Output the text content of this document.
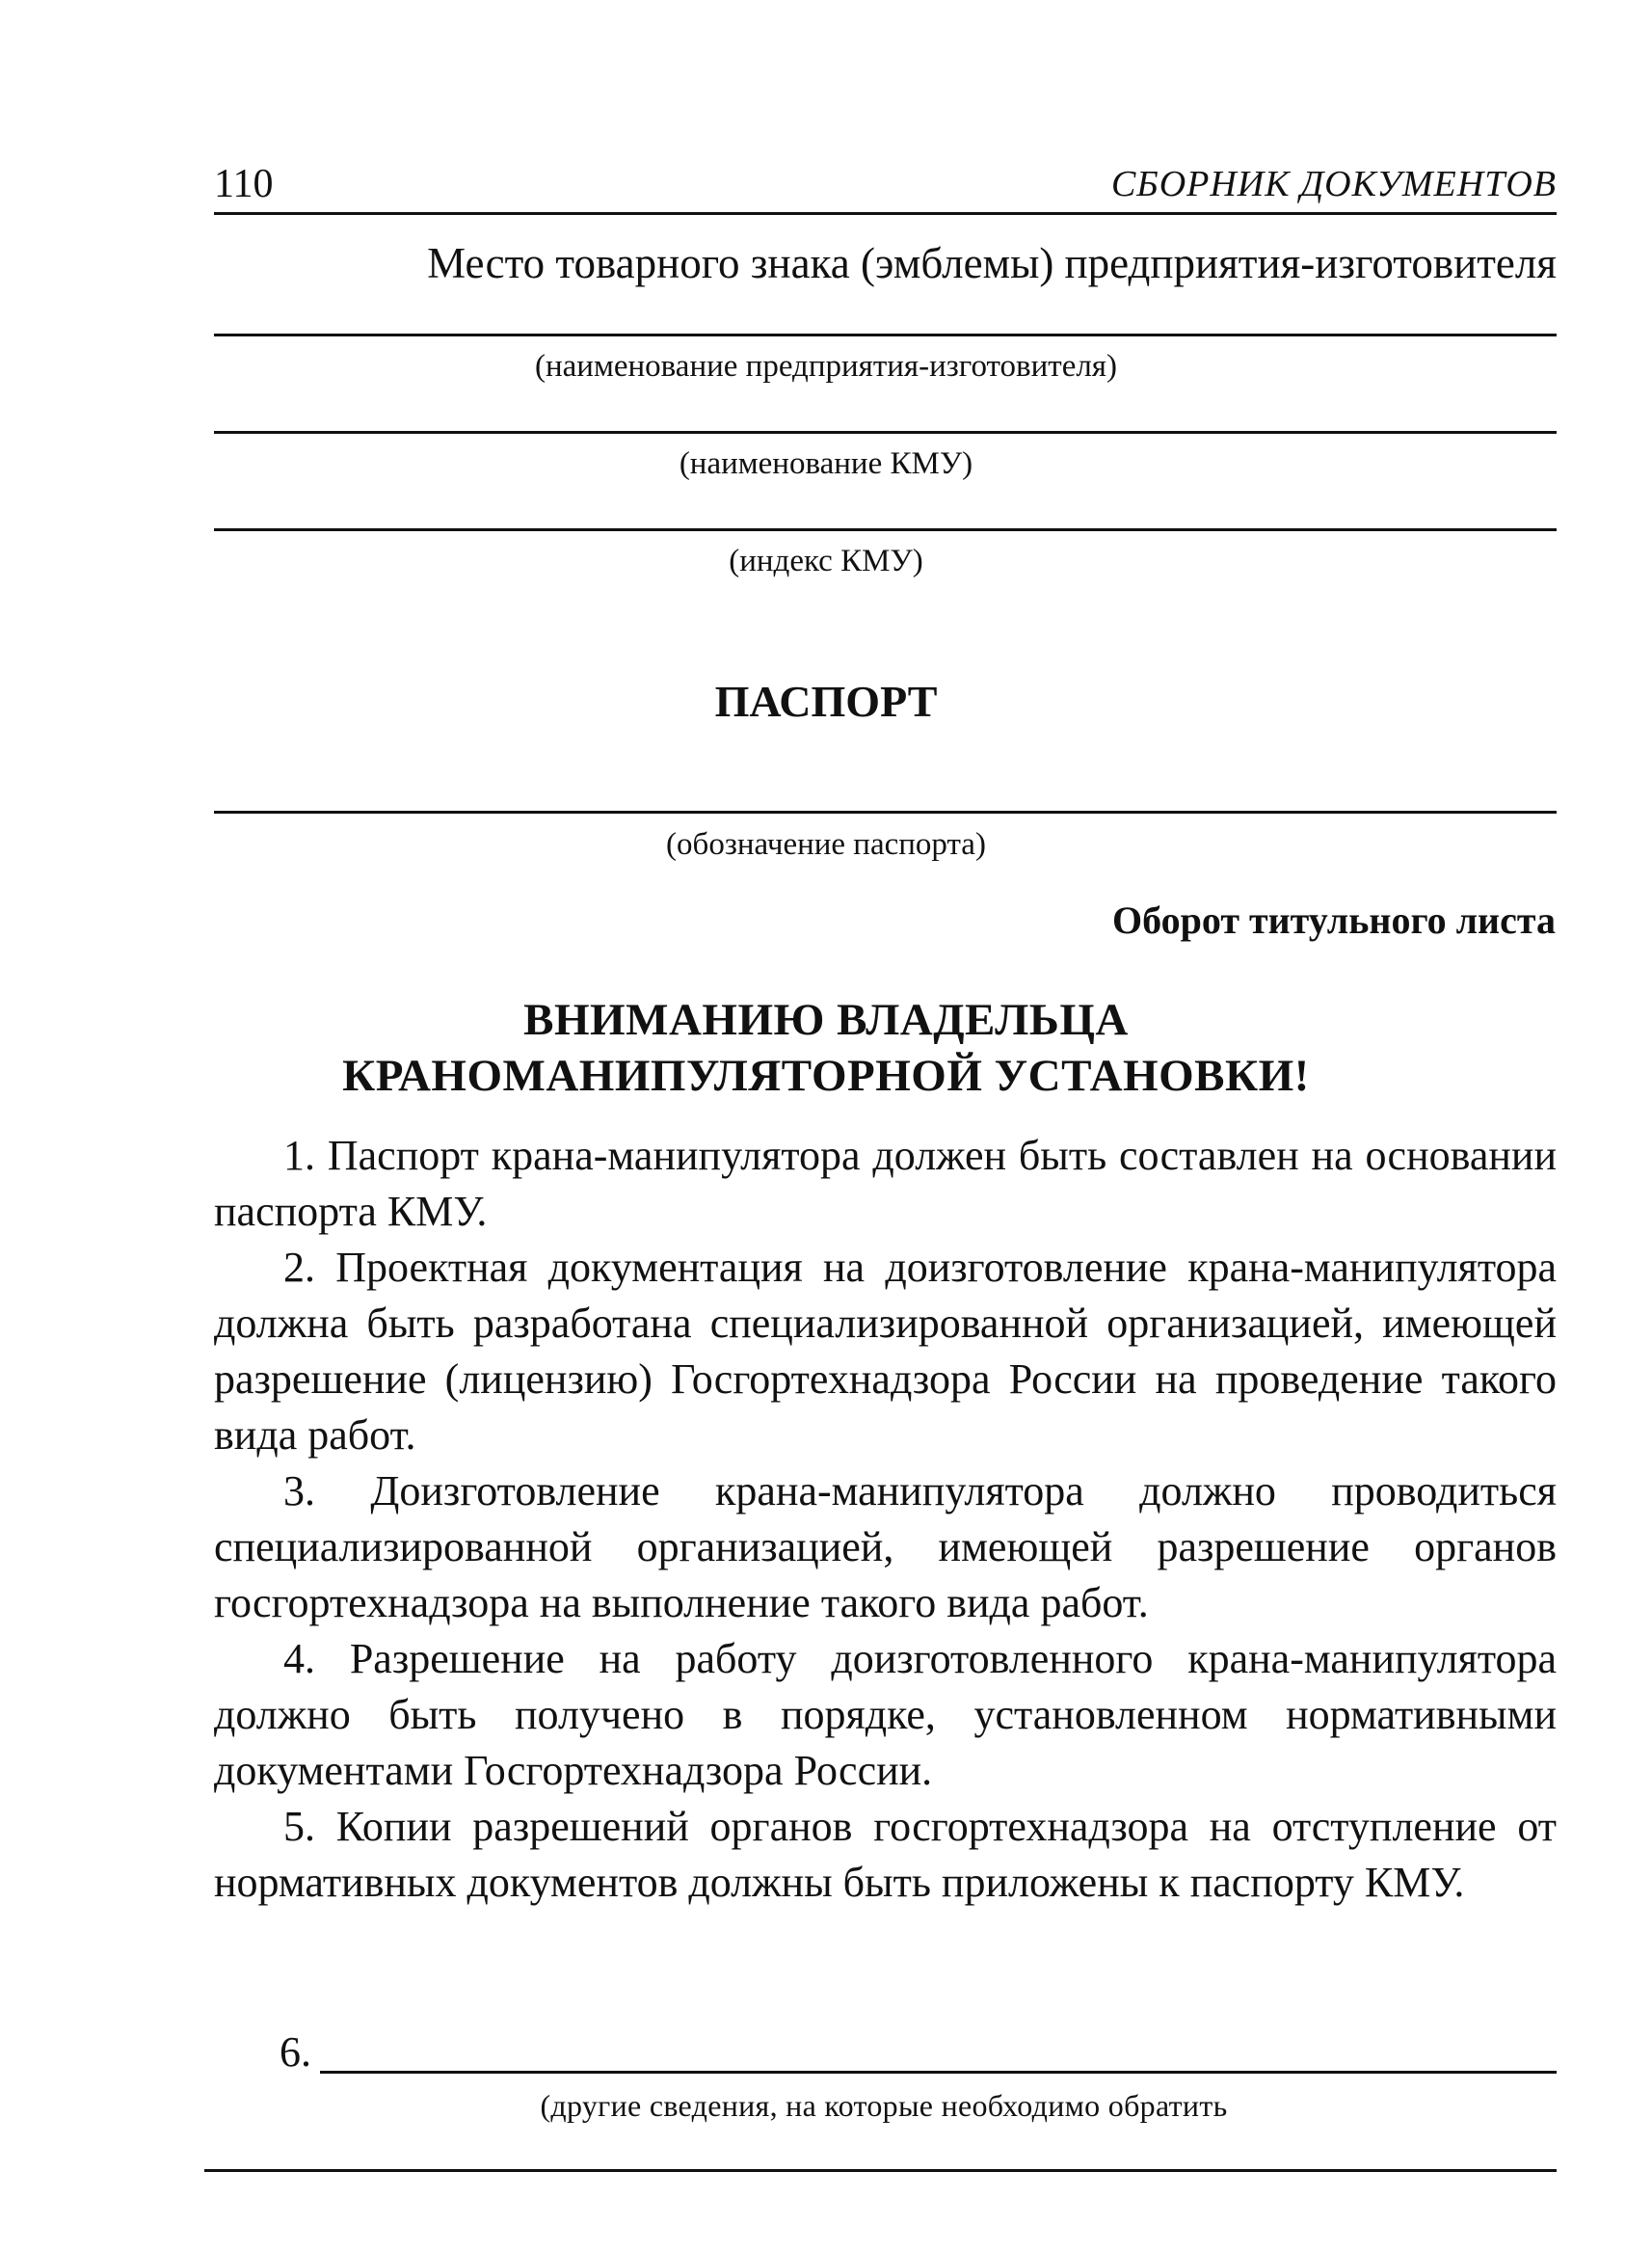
110	СБОРНИК ДОКУМЕНТОВ
Место товарного знака (эмблемы) предприятия-изготовителя
(наименование предприятия-изготовителя)
(наименование КМУ)
(индекс КМУ)
ПАСПОРТ
(обозначение паспорта)
Оборот титульного листа
ВНИМАНИЮ ВЛАДЕЛЬЦА
КРАНОМАНИПУЛЯТОРНОЙ УСТАНОВКИ!

1. Паспорт крана-манипулятора должен быть составлен на основании паспорта КМУ.

2. Проектная документация на доизготовление крана-манипулятора должна быть разработана специализированной организацией, имеющей разрешение (лицензию) Госгортехнадзора России на проведение такого вида работ.

3. Доизготовление крана-манипулятора должно проводиться специализированной организацией, имеющей разрешение органов госгортехнадзора на выполнение такого вида работ.

4. Разрешение на работу доизготовленного крана-манипулятора должно быть получено в порядке, установленном нормативными документами Госгортехнадзора России.

5. Копии разрешений органов госгортехнадзора на отступление от нормативных документов должны быть приложены к паспорту КМУ.

6.
(другие сведения, на которые необходимо обратить
